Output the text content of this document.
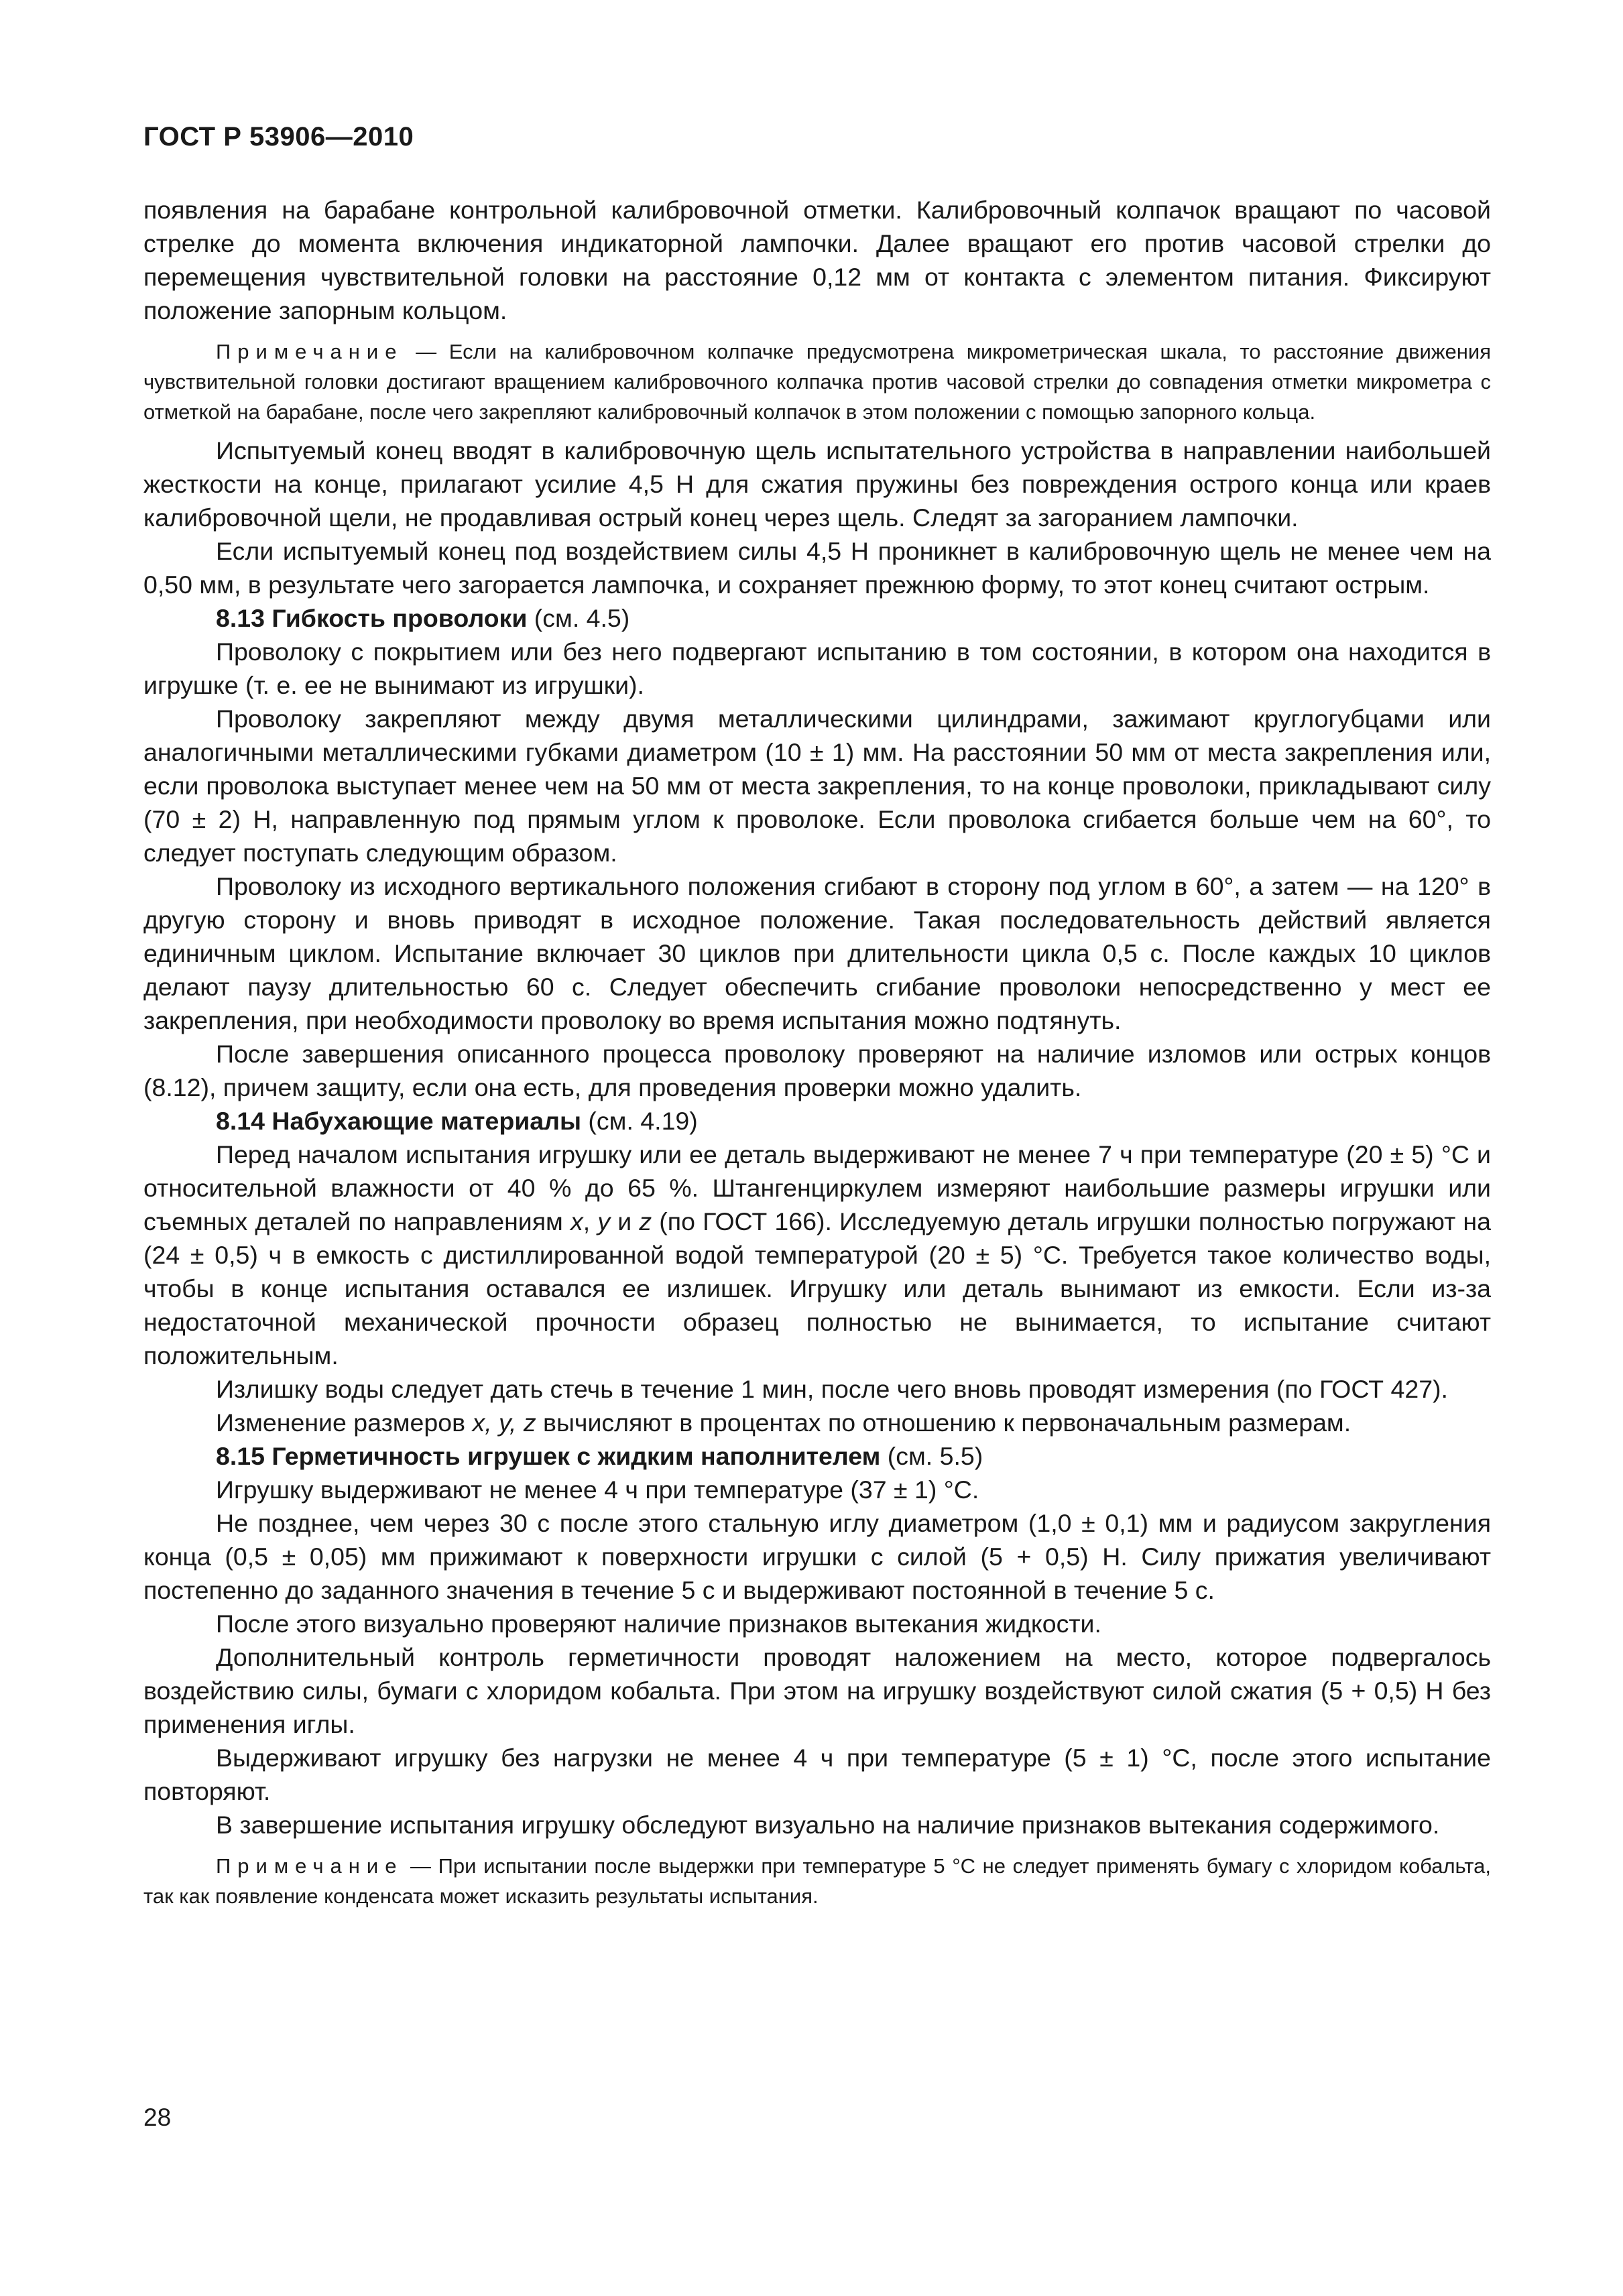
ГОСТ Р 53906—2010

появления на барабане контрольной калибровочной отметки. Калибровочный колпачок вращают по часовой стрелке до момента включения индикаторной лампочки. Далее вращают его против часовой стрелки до перемещения чувствительной головки на расстояние 0,12 мм от контакта с элементом питания. Фиксируют положение запорным кольцом.

Примечание — Если на калибровочном колпачке предусмотрена микрометрическая шкала, то расстояние движения чувствительной головки достигают вращением калибровочного колпачка против часовой стрелки до совпадения отметки микрометра с отметкой на барабане, после чего закрепляют калибровочный колпачок в этом положении с помощью запорного кольца.

Испытуемый конец вводят в калибровочную щель испытательного устройства в направлении наибольшей жесткости на конце, прилагают усилие 4,5 Н для сжатия пружины без повреждения острого конца или краев калибровочной щели, не продавливая острый конец через щель. Следят за загоранием лампочки.

Если испытуемый конец под воздействием силы 4,5 Н проникнет в калибровочную щель не менее чем на 0,50 мм, в результате чего загорается лампочка, и сохраняет прежнюю форму, то этот конец считают острым.

8.13 Гибкость проволоки (см. 4.5)

Проволоку с покрытием или без него подвергают испытанию в том состоянии, в котором она находится в игрушке (т. е. ее не вынимают из игрушки).

Проволоку закрепляют между двумя металлическими цилиндрами, зажимают круглогубцами или аналогичными металлическими губками диаметром (10 ± 1) мм. На расстоянии 50 мм от места закрепления или, если проволока выступает менее чем на 50 мм от места закрепления, то на конце проволоки, прикладывают силу (70 ± 2) Н, направленную под прямым углом к проволоке. Если проволока сгибается больше чем на 60°, то следует поступать следующим образом.

Проволоку из исходного вертикального положения сгибают в сторону под углом в 60°, а затем — на 120° в другую сторону и вновь приводят в исходное положение. Такая последовательность действий является единичным циклом. Испытание включает 30 циклов при длительности цикла 0,5 с. После каждых 10 циклов делают паузу длительностью 60 с. Следует обеспечить сгибание проволоки непосредственно у мест ее закрепления, при необходимости проволоку во время испытания можно подтянуть.

После завершения описанного процесса проволоку проверяют на наличие изломов или острых концов (8.12), причем защиту, если она есть, для проведения проверки можно удалить.

8.14 Набухающие материалы (см. 4.19)

Перед началом испытания игрушку или ее деталь выдерживают не менее 7 ч при температуре (20 ± 5) °С и относительной влажности от 40 % до 65 %. Штангенциркулем измеряют наибольшие размеры игрушки или съемных деталей по направлениям x, y и z (по ГОСТ 166). Исследуемую деталь игрушки полностью погружают на (24 ± 0,5) ч в емкость с дистиллированной водой температурой (20 ± 5) °С. Требуется такое количество воды, чтобы в конце испытания оставался ее излишек. Игрушку или деталь вынимают из емкости. Если из-за недостаточной механической прочности образец полностью не вынимается, то испытание считают положительным.

Излишку воды следует дать стечь в течение 1 мин, после чего вновь проводят измерения (по ГОСТ 427).

Изменение размеров x, y, z вычисляют в процентах по отношению к первоначальным размерам.

8.15 Герметичность игрушек с жидким наполнителем (см. 5.5)

Игрушку выдерживают не менее 4 ч при температуре (37 ± 1) °С.

Не позднее, чем через 30 с после этого стальную иглу диаметром (1,0 ± 0,1) мм и радиусом закругления конца (0,5 ± 0,05) мм прижимают к поверхности игрушки с силой (5 + 0,5) Н. Силу прижатия увеличивают постепенно до заданного значения в течение 5 с и выдерживают постоянной в течение 5 с.

После этого визуально проверяют наличие признаков вытекания жидкости.

Дополнительный контроль герметичности проводят наложением на место, которое подвергалось воздействию силы, бумаги с хлоридом кобальта. При этом на игрушку воздействуют силой сжатия (5 + 0,5) Н без применения иглы.

Выдерживают игрушку без нагрузки не менее 4 ч при температуре (5 ± 1) °С, после этого испытание повторяют.

В завершение испытания игрушку обследуют визуально на наличие признаков вытекания содержимого.

Примечание — При испытании после выдержки при температуре 5 °С не следует применять бумагу с хлоридом кобальта, так как появление конденсата может исказить результаты испытания.

28
